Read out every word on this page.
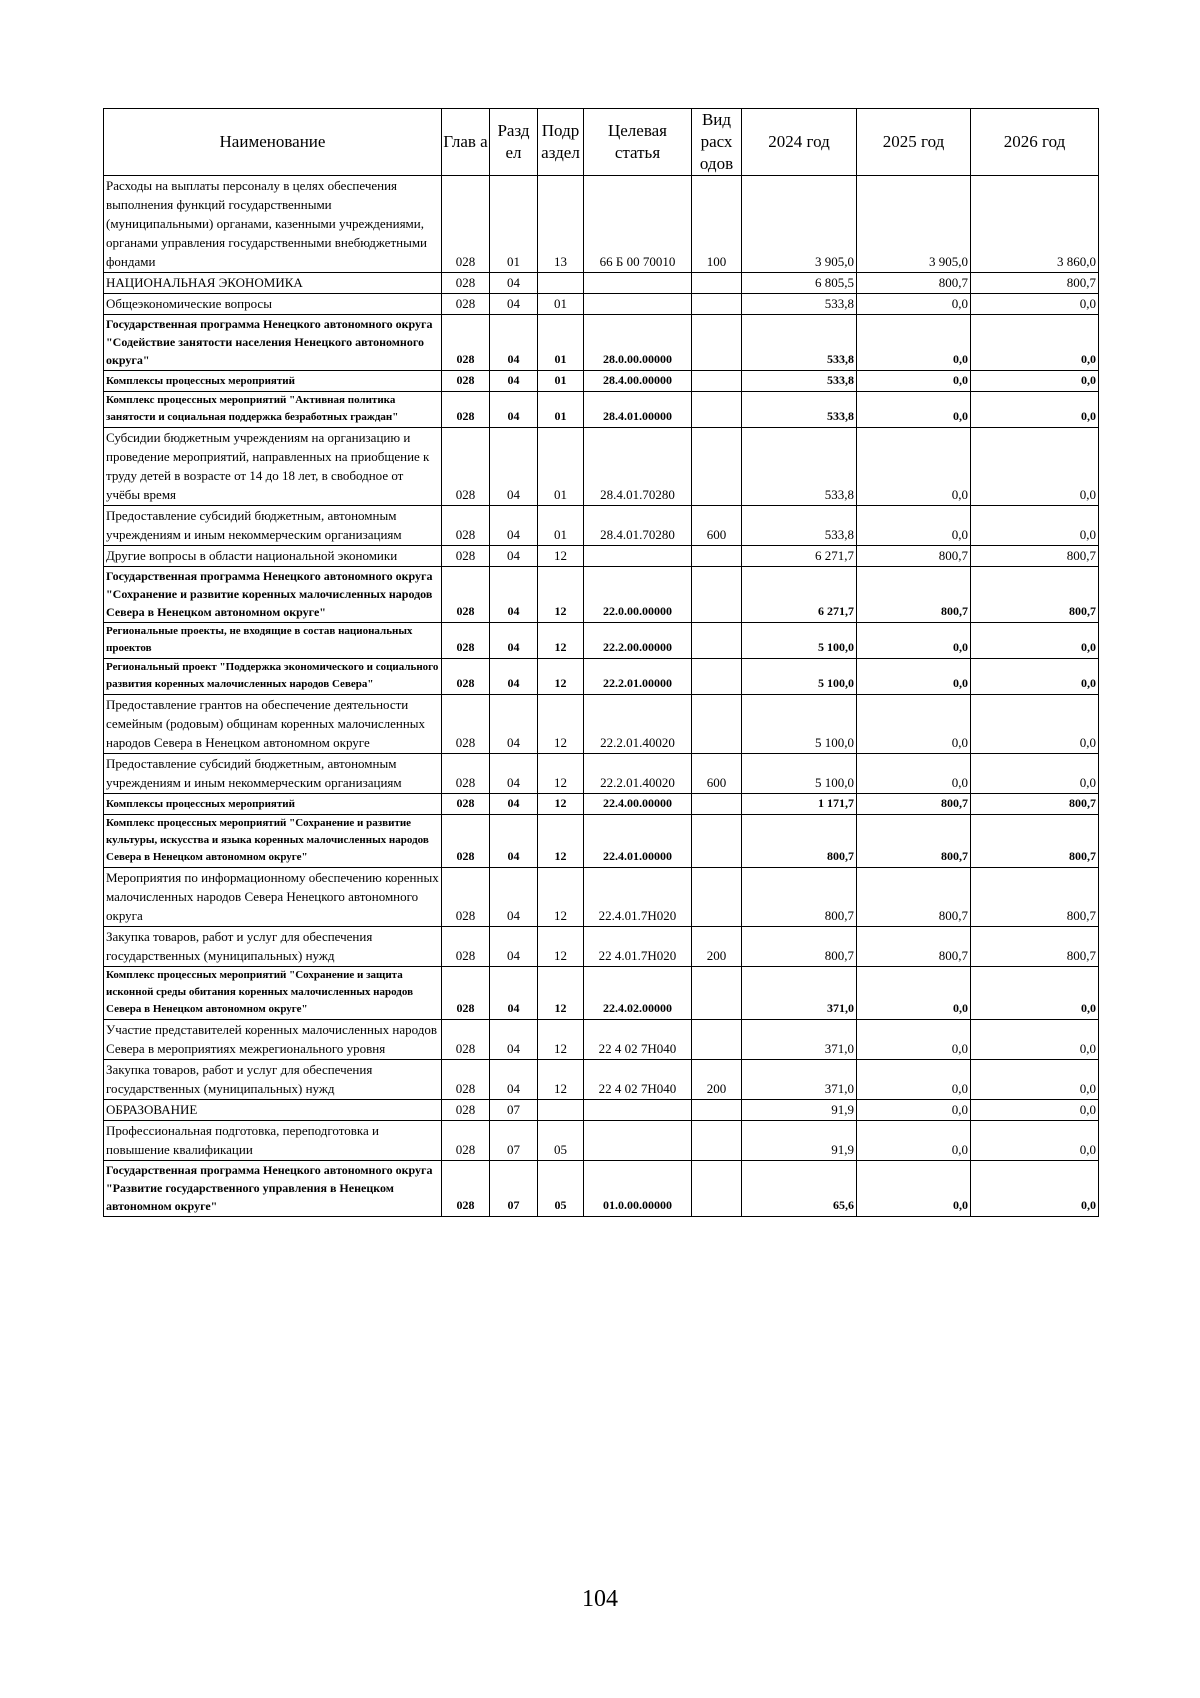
Наименование	Глав а	Разд ел	Подр аздел	Целевая статья	Вид расх одов	2024 год	2025 год	2026 год
Расходы на выплаты персоналу в целях обеспечения выполнения функций государственными (муниципальными) органами, казенными учреждениями, органами управления государственными внебюджетными фондами	028	01	13	66 Б 00 70010	100	3 905,0	3 905,0	3 860,0
НАЦИОНАЛЬНАЯ ЭКОНОМИКА	028	04				6 805,5	800,7	800,7
Общеэкономические вопросы	028	04	01			533,8	0,0	0,0
Государственная программа Ненецкого автономного округа "Содействие занятости населения Ненецкого автономного округа"	028	04	01	28.0.00.00000		533,8	0,0	0,0
Комплексы процессных мероприятий	028	04	01	28.4.00.00000		533,8	0,0	0,0
Комплекс процессных мероприятий "Активная политика занятости и социальная поддержка безработных граждан"	028	04	01	28.4.01.00000		533,8	0,0	0,0
Субсидии бюджетным учреждениям на организацию и проведение мероприятий, направленных на приобщение к труду детей в возрасте от 14 до 18 лет, в свободное от учёбы время	028	04	01	28.4.01.70280		533,8	0,0	0,0
Предоставление субсидий бюджетным, автономным учреждениям и иным некоммерческим организациям	028	04	01	28.4.01.70280	600	533,8	0,0	0,0
Другие вопросы в области национальной экономики	028	04	12			6 271,7	800,7	800,7
Государственная программа Ненецкого автономного округа "Сохранение и развитие коренных малочисленных народов Севера в Ненецком автономном округе"	028	04	12	22.0.00.00000		6 271,7	800,7	800,7
Региональные проекты, не входящие в состав национальных проектов	028	04	12	22.2.00.00000		5 100,0	0,0	0,0
Региональный проект "Поддержка экономического и социального развития коренных малочисленных народов Севера"	028	04	12	22.2.01.00000		5 100,0	0,0	0,0
Предоставление грантов на обеспечение деятельности семейным (родовым) общинам коренных малочисленных народов Севера в Ненецком автономном округе	028	04	12	22.2.01.40020		5 100,0	0,0	0,0
Предоставление субсидий бюджетным, автономным учреждениям и иным некоммерческим организациям	028	04	12	22.2.01.40020	600	5 100,0	0,0	0,0
Комплексы процессных мероприятий	028	04	12	22.4.00.00000		1 171,7	800,7	800,7
Комплекс процессных мероприятий "Сохранение и развитие культуры, искусства и языка коренных малочисленных народов Севера в Ненецком автономном округе"	028	04	12	22.4.01.00000		800,7	800,7	800,7
Мероприятия по информационному обеспечению коренных малочисленных народов Севера Ненецкого автономного округа	028	04	12	22.4.01.7Н020		800,7	800,7	800,7
Закупка товаров, работ и услуг для обеспечения государственных (муниципальных) нужд	028	04	12	22 4.01.7Н020	200	800,7	800,7	800,7
Комплекс процессных мероприятий "Сохранение и защита исконной среды обитания коренных малочисленных народов Севера в Ненецком автономном округе"	028	04	12	22.4.02.00000		371,0	0,0	0,0
Участие представителей коренных малочисленных народов Севера в мероприятиях межрегионального уровня	028	04	12	22 4 02 7Н040		371,0	0,0	0,0
Закупка товаров, работ и услуг для обеспечения государственных (муниципальных) нужд	028	04	12	22 4 02 7Н040	200	371,0	0,0	0,0
ОБРАЗОВАНИЕ	028	07				91,9	0,0	0,0
Профессиональная подготовка, переподготовка и повышение квалификации	028	07	05			91,9	0,0	0,0
Государственная программа Ненецкого автономного округа "Развитие государственного управления в Ненецком автономном округе"	028	07	05	01.0.00.00000		65,6	0,0	0,0
104
